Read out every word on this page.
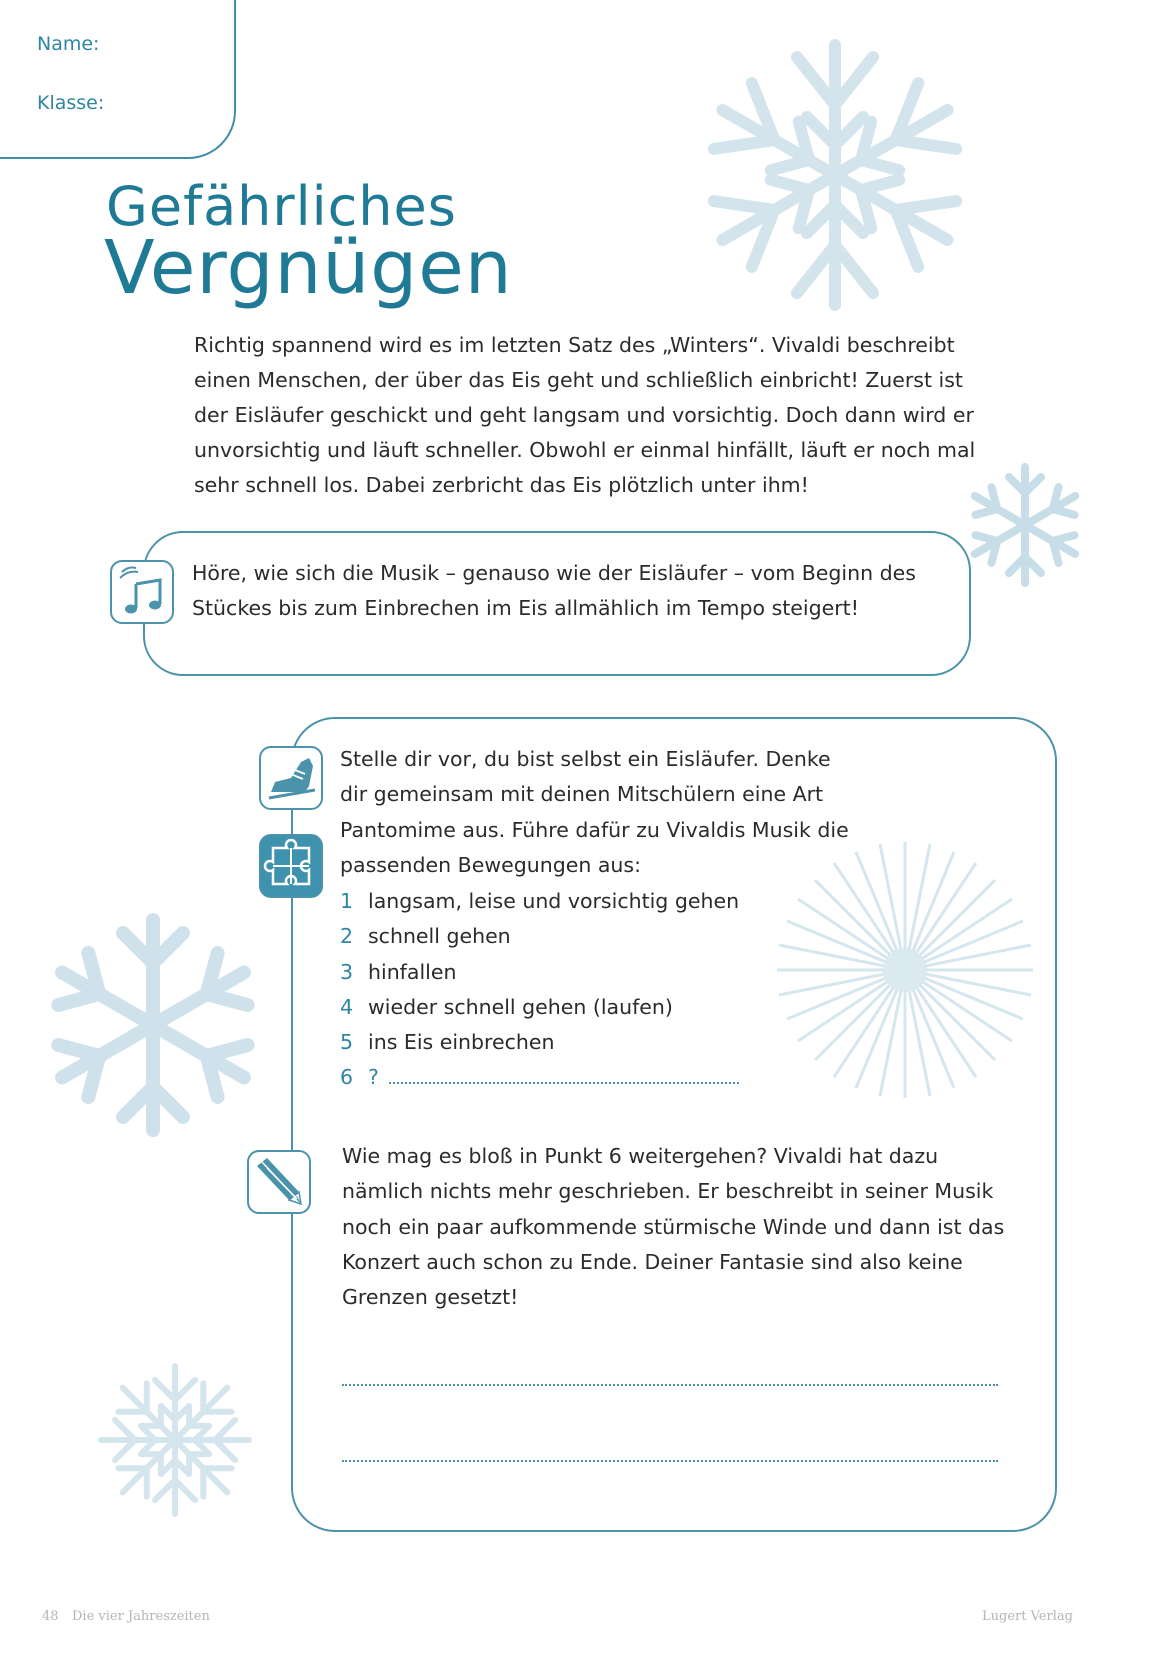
Name:
Klasse:
Gefährliches
Vergnügen
Richtig spannend wird es im letzten Satz des „Winters“. Vivaldi beschreibt einen Menschen, der über das Eis geht und schließlich einbricht! Zuerst ist der Eisläufer geschickt und geht langsam und vorsichtig. Doch dann wird er unvorsichtig und läuft schneller. Obwohl er einmal hinfällt, läuft er noch mal sehr schnell los. Dabei zerbricht das Eis plötzlich unter ihm!
Höre, wie sich die Musik – genauso wie der Eisläufer – vom Beginn des Stückes bis zum Einbrechen im Eis allmählich im Tempo steigert!
Stelle dir vor, du bist selbst ein Eisläufer. Denke dir gemeinsam mit deinen Mitschülern eine Art Pantomime aus. Führe dafür zu Vivaldis Musik die passenden Bewegungen aus:
1 langsam, leise und vorsichtig gehen
2 schnell gehen
3 hinfallen
4 wieder schnell gehen (laufen)
5 ins Eis einbrechen
6 ?
Wie mag es bloß in Punkt 6 weitergehen? Vivaldi hat dazu nämlich nichts mehr geschrieben. Er beschreibt in seiner Musik noch ein paar aufkommende stürmische Winde und dann ist das Konzert auch schon zu Ende. Deiner Fantasie sind also keine Grenzen gesetzt!
48 Die vier Jahreszeiten	Lugert Verlag
